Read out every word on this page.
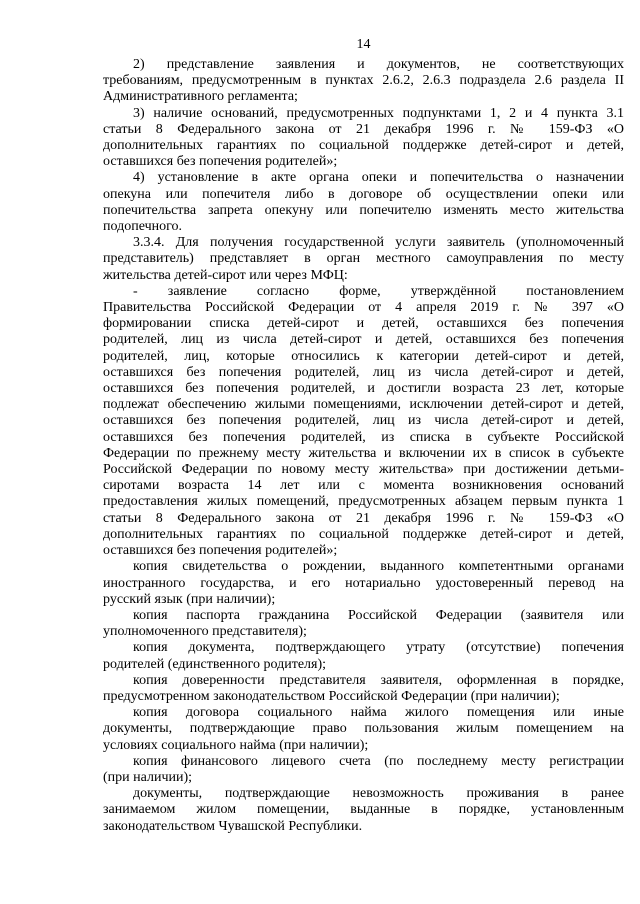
14
2) представление заявления и документов, не соответствующих
требованиям, предусмотренным в пунктах 2.6.2, 2.6.3 подраздела 2.6 раздела II
Административного регламента;
3) наличие оснований, предусмотренных подпунктами 1, 2 и 4 пункта 3.1
статьи 8 Федерального закона от 21 декабря 1996 г. № 159-ФЗ «О
дополнительных гарантиях по социальной поддержке детей-сирот и детей,
оставшихся без попечения родителей»;
4) установление в акте органа опеки и попечительства о назначении
опекуна или попечителя либо в договоре об осуществлении опеки или
попечительства запрета опекуну или попечителю изменять место жительства
подопечного.
3.3.4. Для получения государственной услуги заявитель (уполномоченный
представитель) представляет в орган местного самоуправления по месту
жительства детей-сирот или через МФЦ:
- заявление согласно форме, утверждённой постановлением
Правительства Российской Федерации от 4 апреля 2019 г. № 397 «О
формировании списка детей-сирот и детей, оставшихся без попечения
родителей, лиц из числа детей-сирот и детей, оставшихся без попечения
родителей, лиц, которые относились к категории детей-сирот и детей,
оставшихся без попечения родителей, лиц из числа детей-сирот и детей,
оставшихся без попечения родителей, и достигли возраста 23 лет, которые
подлежат обеспечению жилыми помещениями, исключении детей-сирот и детей,
оставшихся без попечения родителей, лиц из числа детей-сирот и детей,
оставшихся без попечения родителей, из списка в субъекте Российской
Федерации по прежнему месту жительства и включении их в список в субъекте
Российской Федерации по новому месту жительства» при достижении детьми-
сиротами возраста 14 лет или с момента возникновения оснований
предоставления жилых помещений, предусмотренных абзацем первым пункта 1
статьи 8 Федерального закона от 21 декабря 1996 г. № 159-ФЗ «О
дополнительных гарантиях по социальной поддержке детей-сирот и детей,
оставшихся без попечения родителей»;
копия свидетельства о рождении, выданного компетентными органами
иностранного государства, и его нотариально удостоверенный перевод на
русский язык (при наличии);
копия паспорта гражданина Российской Федерации (заявителя или
уполномоченного представителя);
копия документа, подтверждающего утрату (отсутствие) попечения
родителей (единственного родителя);
копия доверенности представителя заявителя, оформленная в порядке,
предусмотренном законодательством Российской Федерации (при наличии);
копия договора социального найма жилого помещения или иные
документы, подтверждающие право пользования жилым помещением на
условиях социального найма (при наличии);
копия финансового лицевого счета (по последнему месту регистрации
(при наличии);
документы, подтверждающие невозможность проживания в ранее
занимаемом жилом помещении, выданные в порядке, установленным
законодательством Чувашской Республики.
